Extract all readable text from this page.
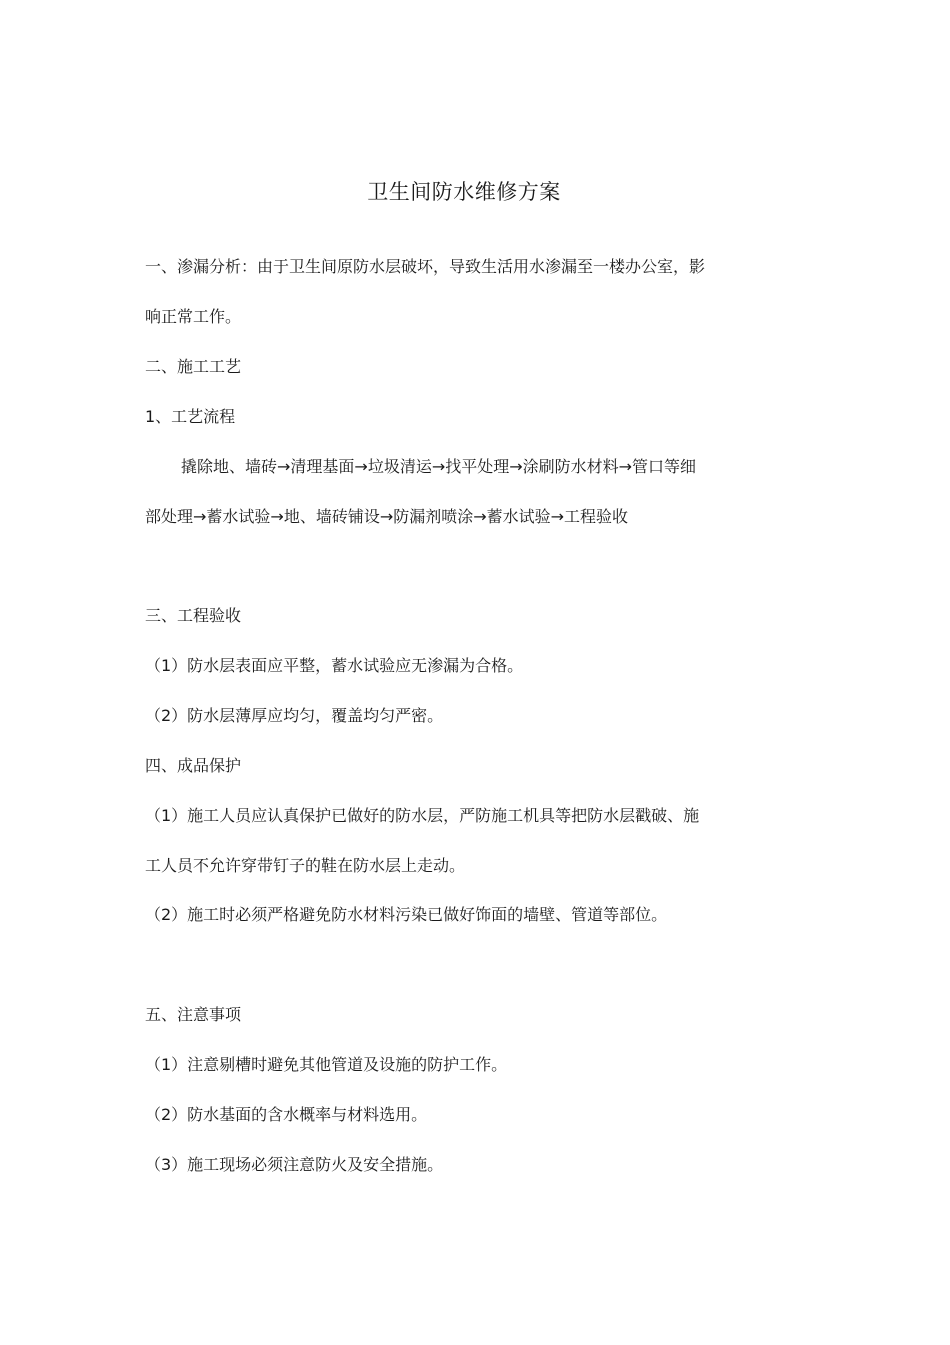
卫生间防水维修方案
一、渗漏分析：由于卫生间原防水层破坏，导致生活用水渗漏至一楼办公室，影
响正常工作。
二、施工工艺
1、工艺流程
撬除地、墙砖→清理基面→垃圾清运→找平处理→涂刷防水材料→管口等细
部处理→蓄水试验→地、墙砖铺设→防漏剂喷涂→蓄水试验→工程验收
三、工程验收
（1）防水层表面应平整，蓄水试验应无渗漏为合格。
（2）防水层薄厚应均匀，覆盖均匀严密。
四、成品保护
（1）施工人员应认真保护已做好的防水层，严防施工机具等把防水层戳破、施
工人员不允许穿带钉子的鞋在防水层上走动。
（2）施工时必须严格避免防水材料污染已做好饰面的墙壁、管道等部位。
五、注意事项
（1）注意剔槽时避免其他管道及设施的防护工作。
（2）防水基面的含水概率与材料选用。
（3）施工现场必须注意防火及安全措施。
